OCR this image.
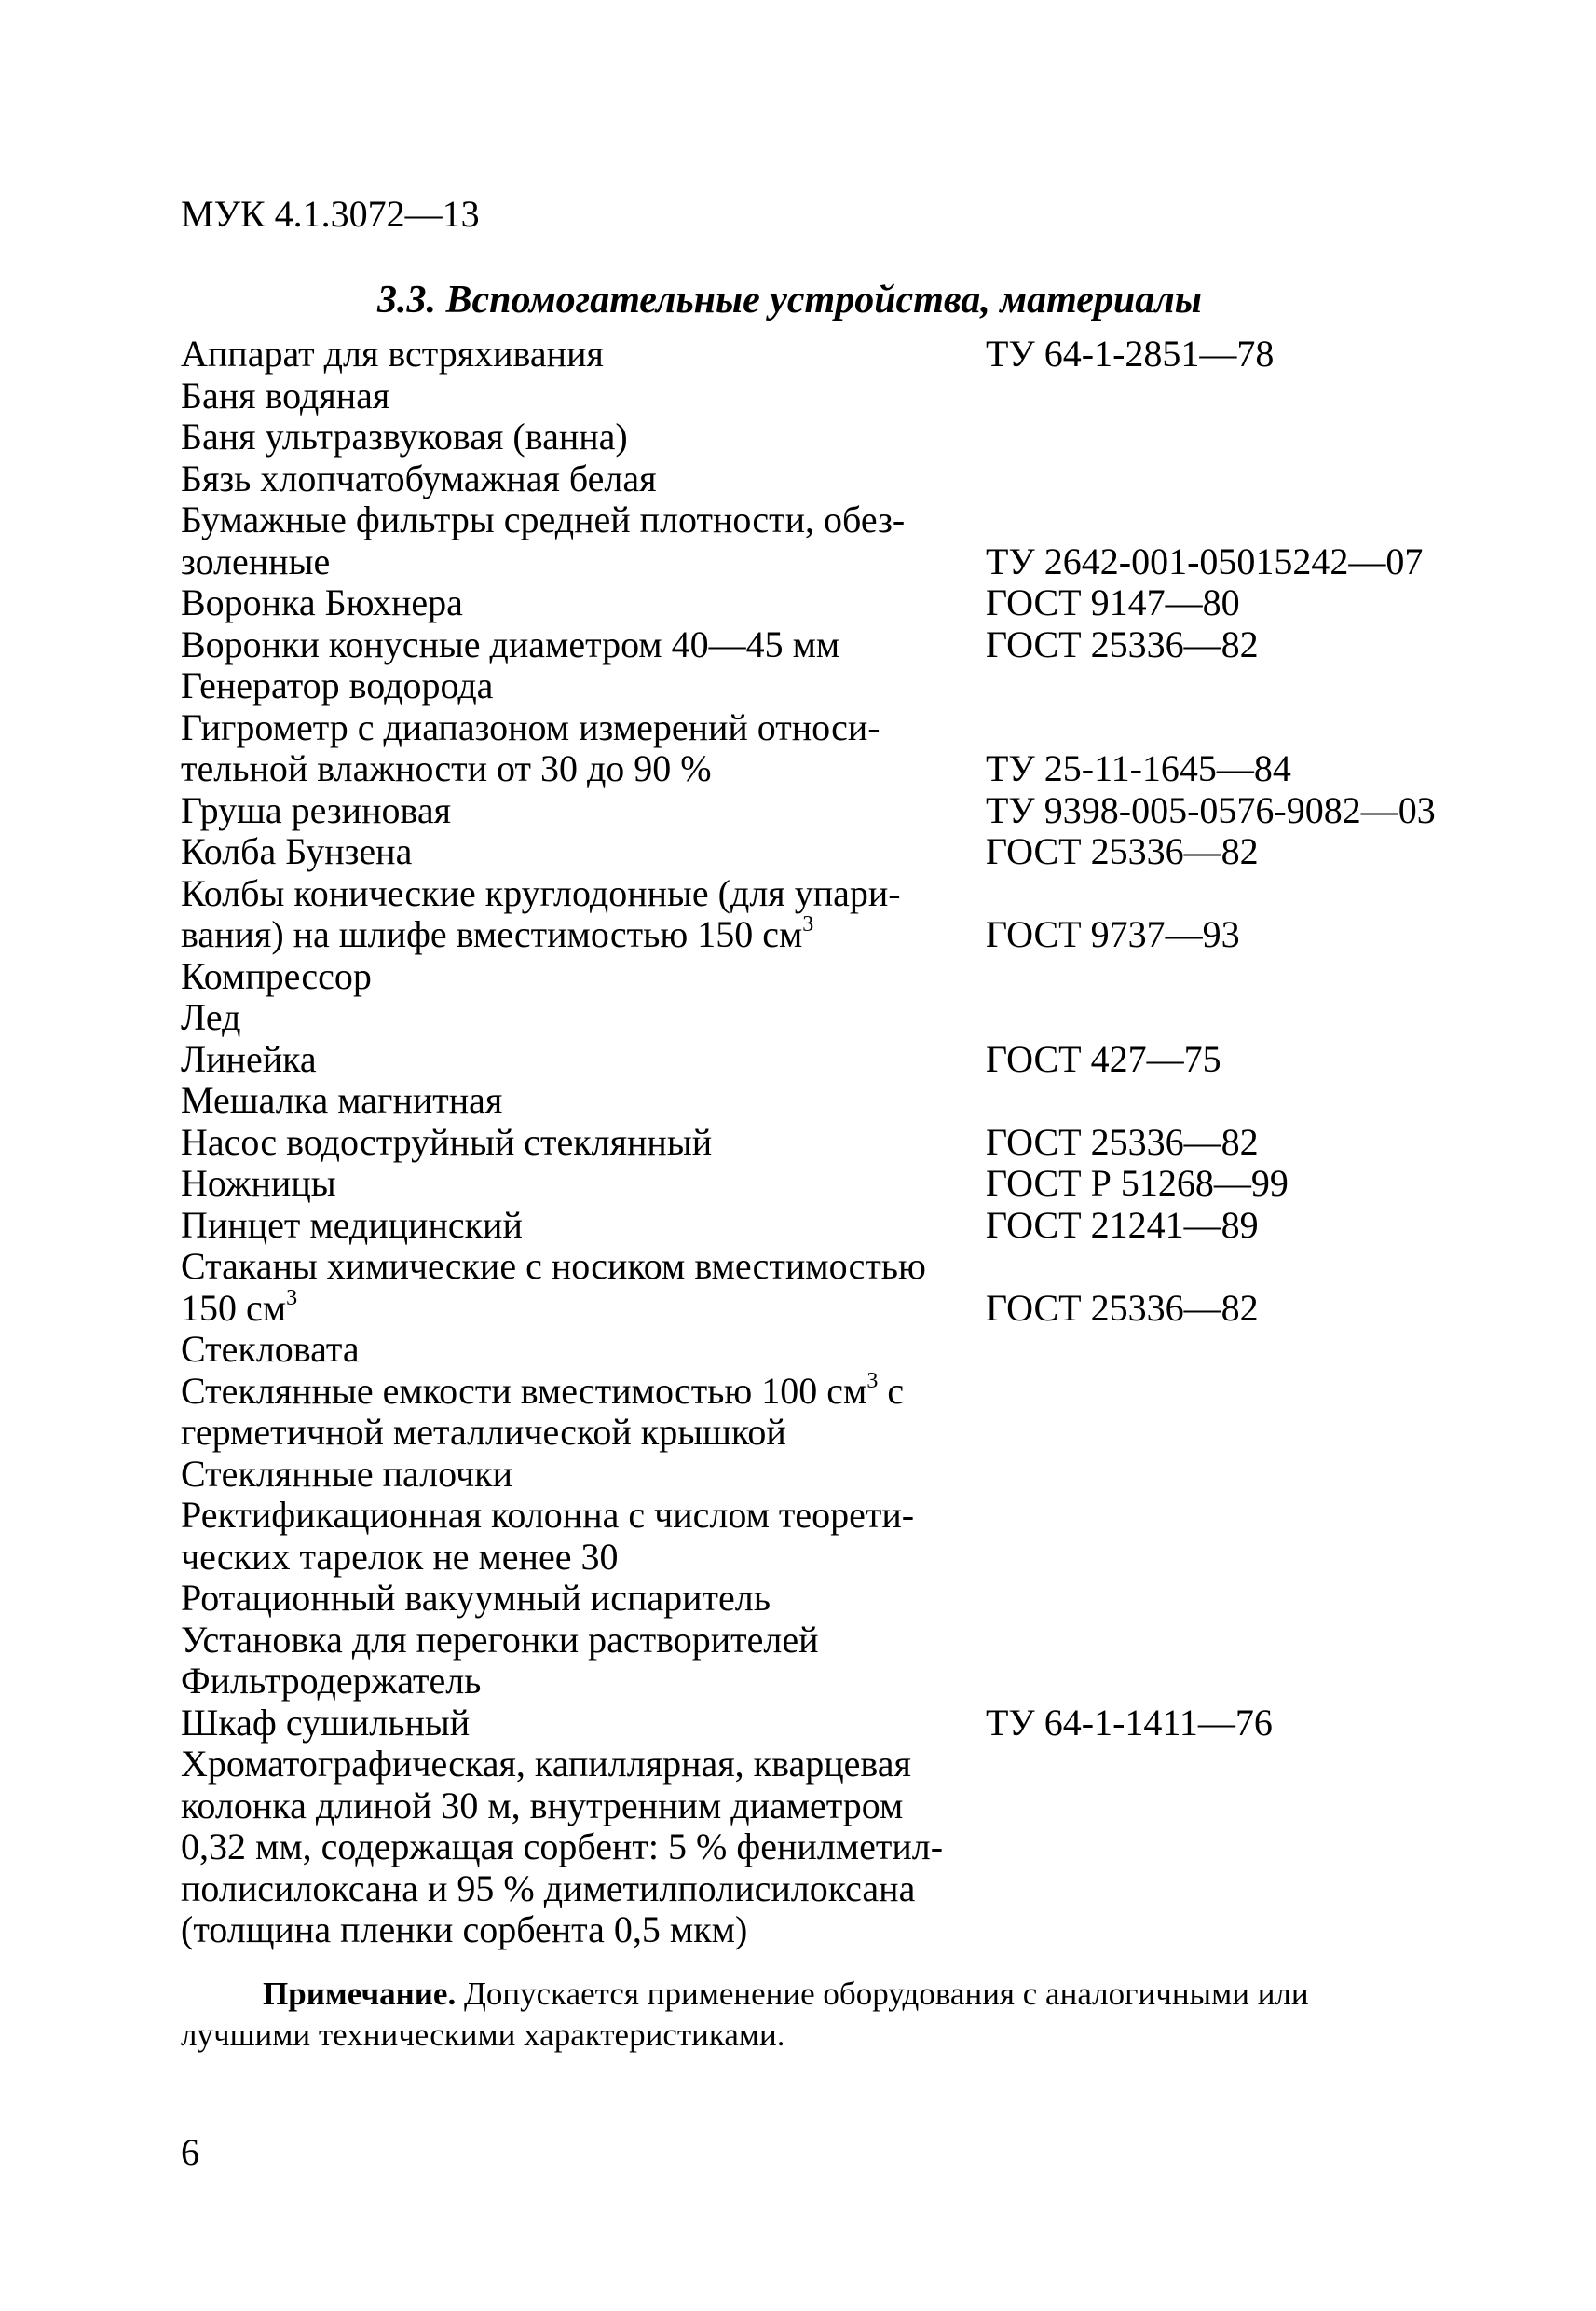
МУК 4.1.3072—13
3.3. Вспомогательные устройства, материалы
Аппарат для встряхивания	ТУ 64-1-2851—78
Баня водяная
Баня ультразвуковая (ванна)
Бязь хлопчатобумажная белая
Бумажные фильтры средней плотности, обез-
золенные	ТУ 2642-001-05015242—07
Воронка Бюхнера	ГОСТ 9147—80
Воронки конусные диаметром 40—45 мм	ГОСТ 25336—82
Генератор водорода
Гигрометр с диапазоном измерений относи-
тельной влажности от 30 до 90 %	ТУ 25-11-1645—84
Груша резиновая	ТУ 9398-005-0576-9082—03
Колба Бунзена	ГОСТ 25336—82
Колбы конические круглодонные (для упари-
вания) на шлифе вместимостью 150 $см^3$	ГОСТ 9737—93
Компрессор
Лед
Линейка	ГОСТ 427—75
Мешалка магнитная
Насос водоструйный стеклянный	ГОСТ 25336—82
Ножницы	ГОСТ Р 51268—99
Пинцет медицинский	ГОСТ 21241—89
Стаканы химические с носиком вместимостью
150 $см^3$	ГОСТ 25336—82
Стекловата
Стеклянные емкости вместимостью 100 $см^3$ с
герметичной металлической крышкой
Стеклянные палочки
Ректификационная колонна с числом теорети-
ческих тарелок не менее 30
Ротационный вакуумный испаритель
Установка для перегонки растворителей
Фильтродержатель
Шкаф сушильный	ТУ 64-1-1411—76
Хроматографическая, капиллярная, кварцевая
колонка длиной 30 м, внутренним диаметром
0,32 мм, содержащая сорбент: 5 % фенилметил-
полисилоксана и 95 % диметилполисилоксана
(толщина пленки сорбента 0,5 мкм)
Примечание. Допускается применение оборудования с аналогичными или
лучшими техническими характеристиками.
6
